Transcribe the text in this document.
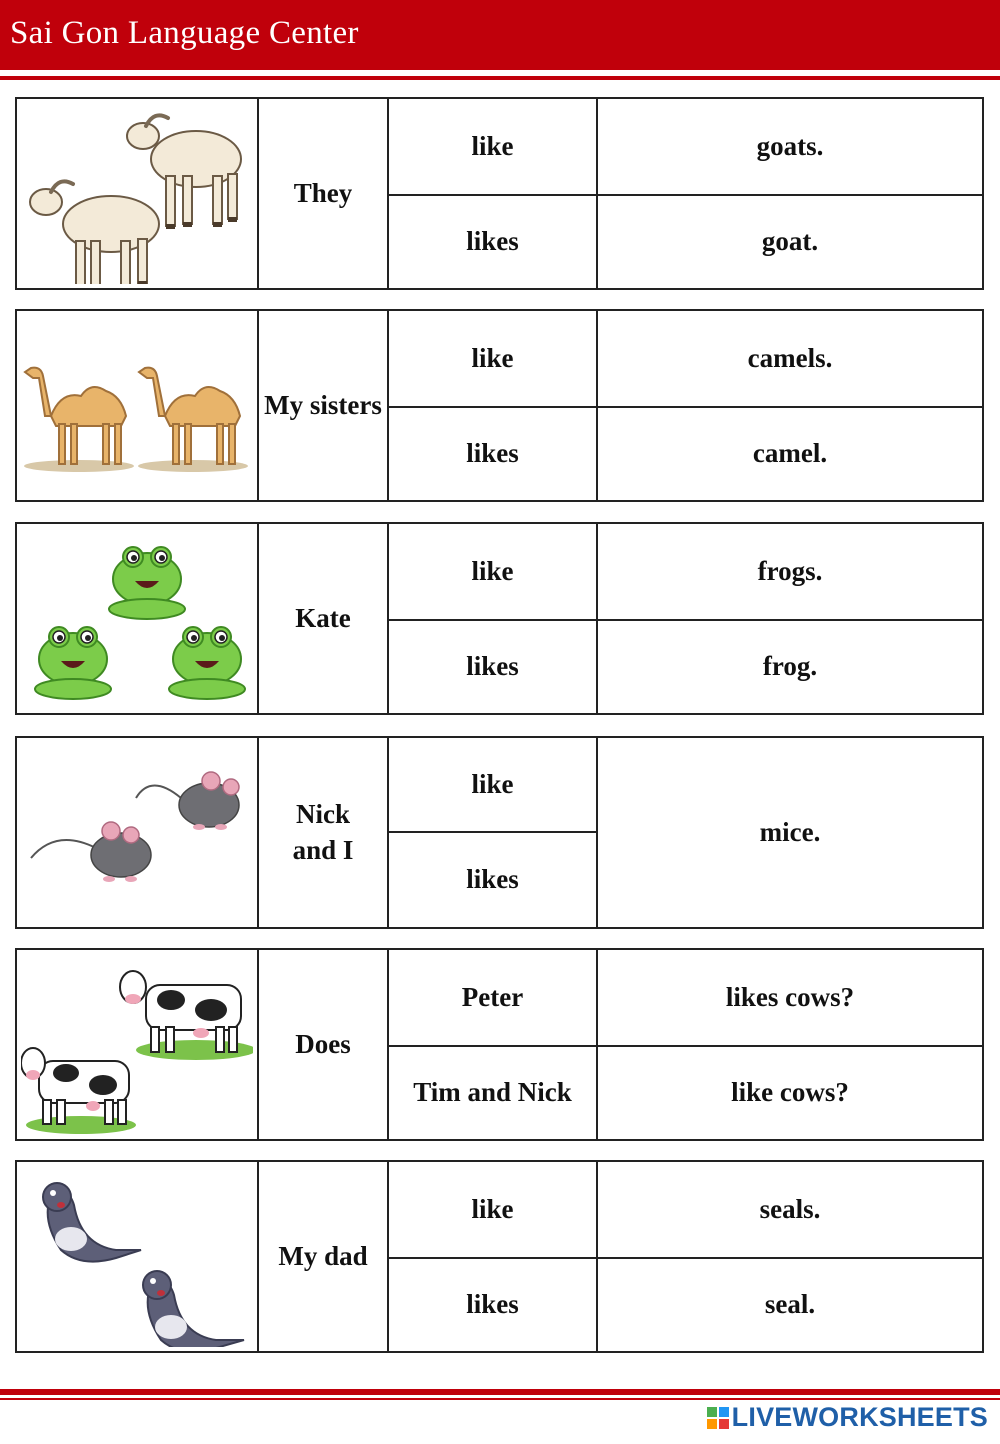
Sai Gon Language Center
They
like
likes
goats.
goat.
My sisters
like
likes
camels.
camel.
Kate
like
likes
frogs.
frog.
Nick and I
like
likes
mice.
Does
Peter
Tim and Nick
likes cows?
like cows?
My dad
like
likes
seals.
seal.
LIVEWORKSHEETS
